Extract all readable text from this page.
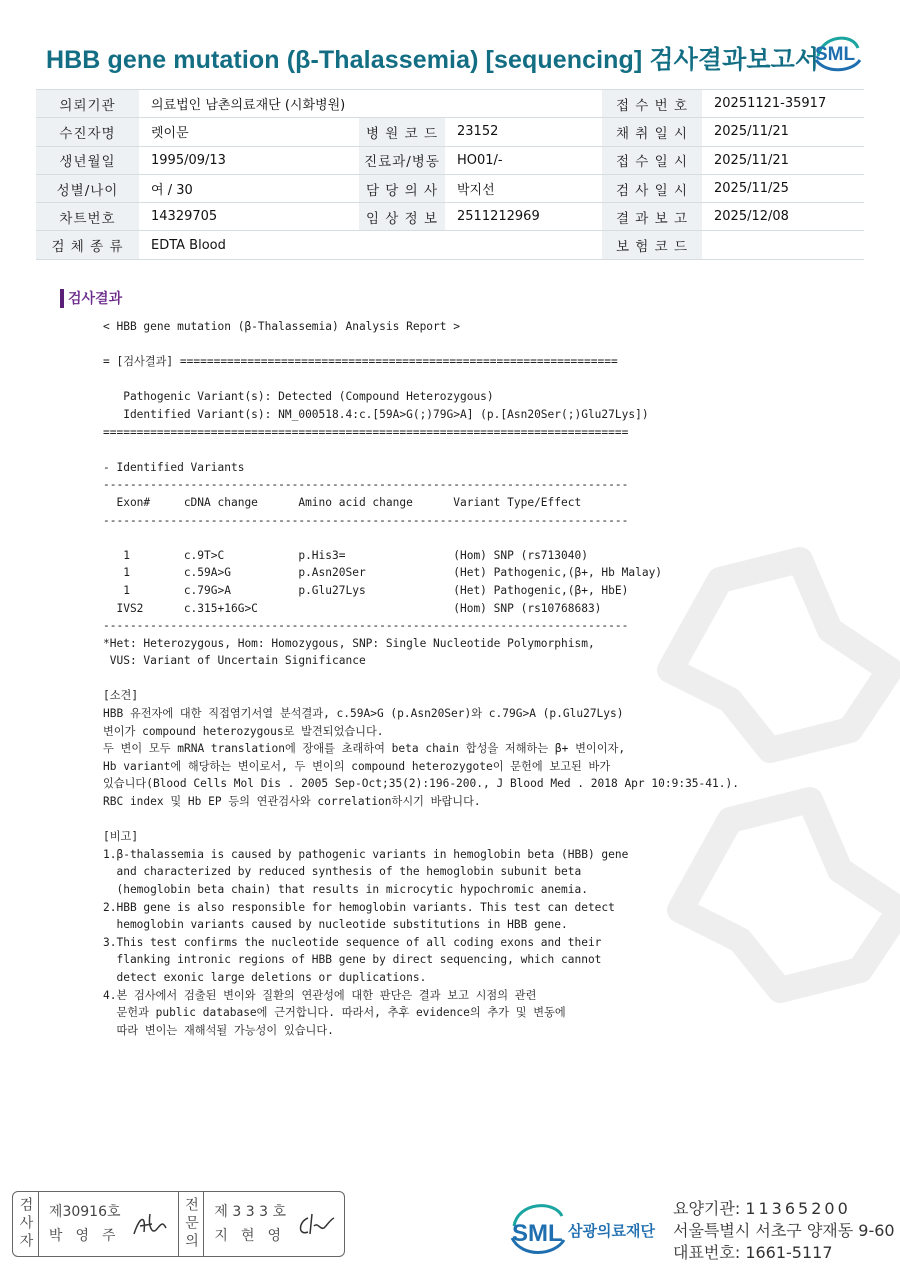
HBB gene mutation (β-Thalassemia) [sequencing] 검사결과보고서
SML
의뢰기관	의료법인 남촌의료재단 (시화병원)			접 수 번 호	20251121-35917
수진자명	렛이문	병 원 코 드	23152	채 취 일 시	2025/11/21
생년월일	1995/09/13	진료과/병동	HO01/-	접 수 일 시	2025/11/21
성별/나이	여 / 30	담 당 의 사	박지선	검 사 일 시	2025/11/25
차트번호	14329705	임 상 정 보	2511212969	결 과 보 고	2025/12/08
검 체 종 류	EDTA Blood			보 험 코 드	
검사결과
< HBB gene mutation (β-Thalassemia) Analysis Report >
= [검사결과] =================================================================
Pathogenic Variant(s): Detected (Compound Heterozygous)
Identified Variant(s): NM_000518.4:c.[59A>G(;)79G>A] (p.[Asn20Ser(;)Glu27Lys])
==============================================================================
- Identified Variants
------------------------------------------------------------------------------
Exon#     cDNA change      Amino acid change      Variant Type/Effect
------------------------------------------------------------------------------
1        c.9T>C           p.His3=                (Hom) SNP (rs713040)
1        c.59A>G          p.Asn20Ser             (Het) Pathogenic,(β+, Hb Malay)
1        c.79G>A          p.Glu27Lys             (Het) Pathogenic,(β+, HbE)
IVS2      c.315+16G>C                             (Hom) SNP (rs10768683)
------------------------------------------------------------------------------
*Het: Heterozygous, Hom: Homozygous, SNP: Single Nucleotide Polymorphism,
VUS: Variant of Uncertain Significance
[소견]
HBB 유전자에 대한 직접염기서열 분석결과, c.59A>G (p.Asn20Ser)와 c.79G>A (p.Glu27Lys)
변이가 compound heterozygous로 발견되었습니다.
두 변이 모두 mRNA translation에 장애를 초래하여 beta chain 합성을 저해하는 β+ 변이이자,
Hb variant에 해당하는 변이로서, 두 변이의 compound heterozygote이 문헌에 보고된 바가
있습니다(Blood Cells Mol Dis . 2005 Sep-Oct;35(2):196-200., J Blood Med . 2018 Apr 10:9:35-41.).
RBC index 및 Hb EP 등의 연관검사와 correlation하시기 바랍니다.
[비고]
1.β-thalassemia is caused by pathogenic variants in hemoglobin beta (HBB) gene
and characterized by reduced synthesis of the hemoglobin subunit beta
(hemoglobin beta chain) that results in microcytic hypochromic anemia.
2.HBB gene is also responsible for hemoglobin variants. This test can detect
hemoglobin variants caused by nucleotide substitutions in HBB gene.
3.This test confirms the nucleotide sequence of all coding exons and their
flanking intronic regions of HBB gene by direct sequencing, which cannot
detect exonic large deletions or duplications.
4.본 검사에서 검출된 변이와 질환의 연관성에 대한 판단은 결과 보고 시점의 관련
문헌과 public database에 근거합니다. 따라서, 추후 evidence의 추가 및 변동에
따라 변이는 재해석될 가능성이 있습니다.
검사자 제30916호
박영주	전문의 제 3 3 3 호
지현영	SML 삼광의료재단
요양기관: 11365200
서울특별시 서초구 양재동 9-60
대표번호: 1661-5117
